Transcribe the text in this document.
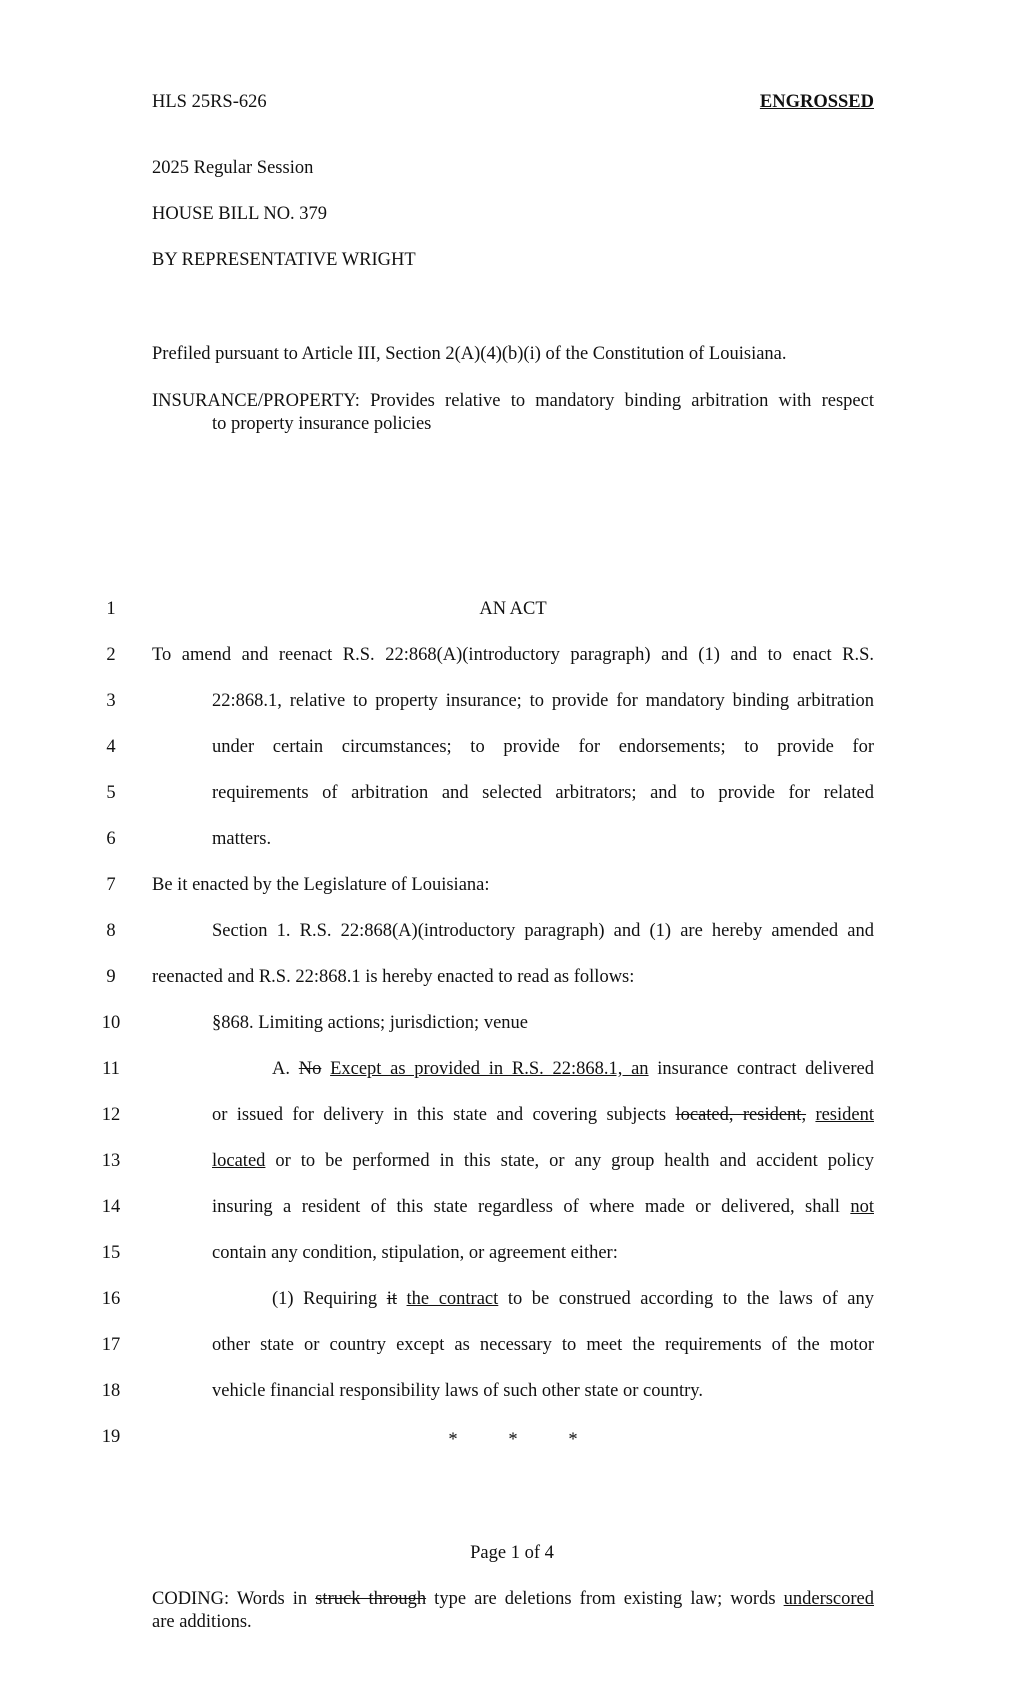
HLS 25RS-626	ENGROSSED
2025 Regular Session
HOUSE BILL NO. 379
BY REPRESENTATIVE WRIGHT
Prefiled pursuant to Article III, Section 2(A)(4)(b)(i) of the Constitution of Louisiana.
INSURANCE/PROPERTY: Provides relative to mandatory binding arbitration with respect
to property insurance policies
1
2
3
4
5
6
7
8
9
10
11
12
13
14
15
16
17
18
19
AN ACT
To amend and reenact R.S. 22:868(A)(introductory paragraph) and (1) and to enact R.S.
22:868.1, relative to property insurance; to provide for mandatory binding arbitration
under certain circumstances; to provide for endorsements; to provide for
requirements of arbitration and selected arbitrators; and to provide for related
matters.
Be it enacted by the Legislature of Louisiana:
Section 1. R.S. 22:868(A)(introductory paragraph) and (1) are hereby amended and
reenacted and R.S. 22:868.1 is hereby enacted to read as follows:
§868. Limiting actions; jurisdiction; venue
A. No Except as provided in R.S. 22:868.1, an insurance contract delivered
or issued for delivery in this state and covering subjects located, resident, resident
located or to be performed in this state, or any group health and accident policy
insuring a resident of this state regardless of where made or delivered, shall not
contain any condition, stipulation, or agreement either:
(1) Requiring it the contract to be construed according to the laws of any
other state or country except as necessary to meet the requirements of the motor
vehicle financial responsibility laws of such other state or country.
*	*	*
Page 1 of 4
CODING: Words in struck through type are deletions from existing law; words underscored
are additions.
